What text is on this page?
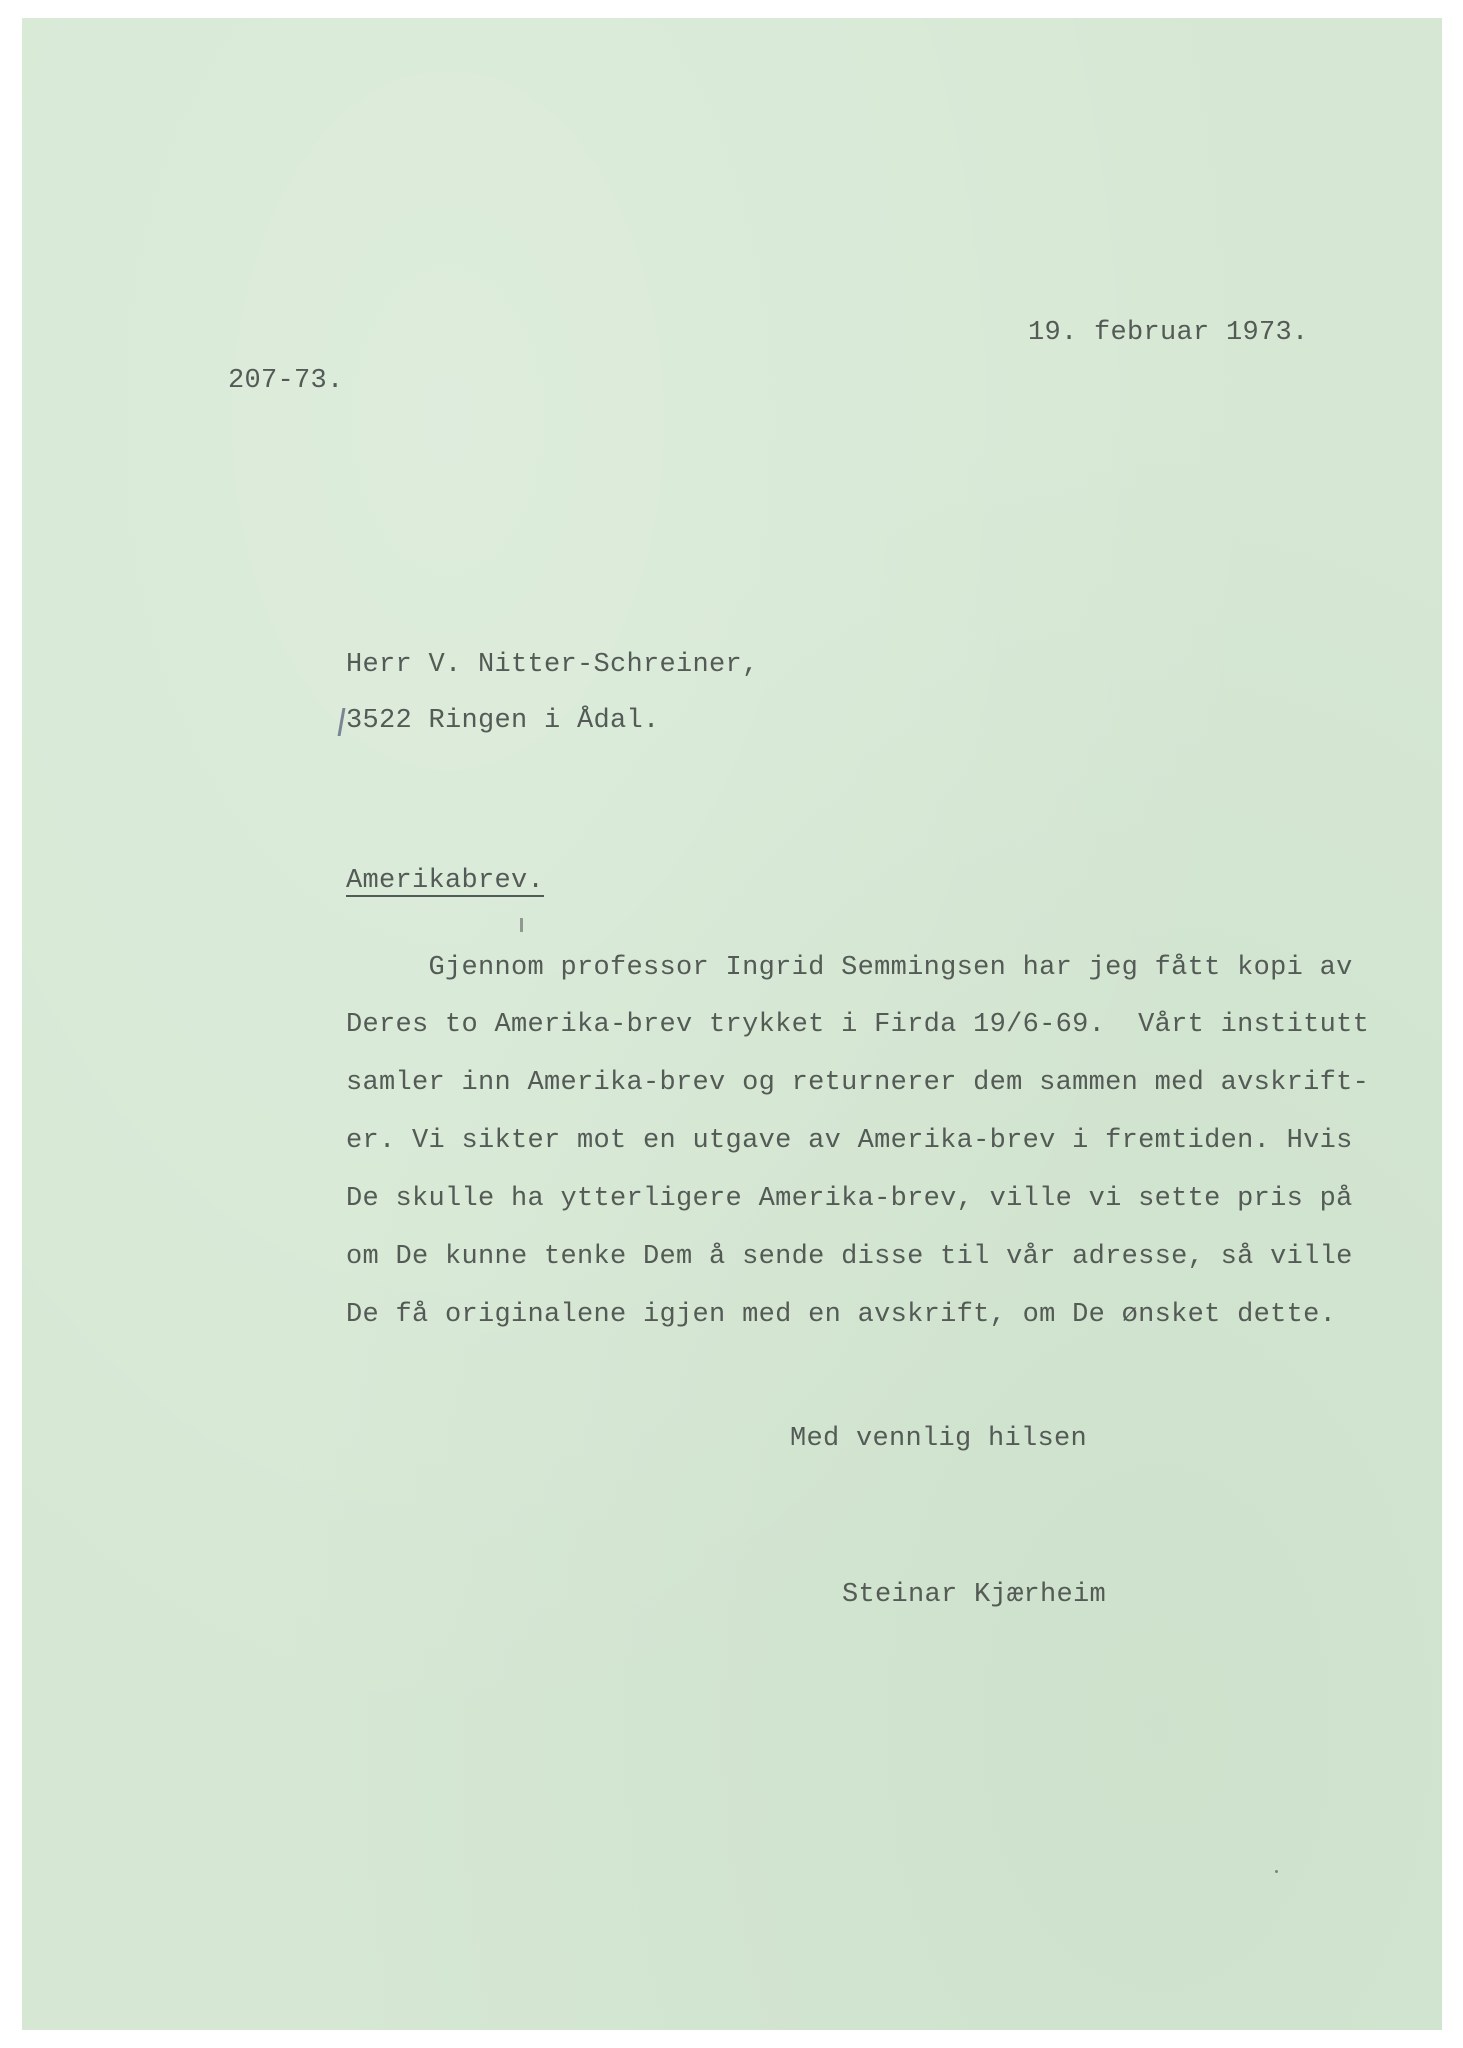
19. februar 1973.

207-73.

Herr V. Nitter-Schreiner,

3522 Ringen i Ådal.

Amerikabrev.

Gjennom professor Ingrid Semmingsen har jeg fått kopi av

Deres to Amerika-brev trykket i Firda 19/6-69.  Vårt institutt

samler inn Amerika-brev og returnerer dem sammen med avskrift-

er. Vi sikter mot en utgave av Amerika-brev i fremtiden. Hvis

De skulle ha ytterligere Amerika-brev, ville vi sette pris på

om De kunne tenke Dem å sende disse til vår adresse, så ville

De få originalene igjen med en avskrift, om De ønsket dette.

Med vennlig hilsen

Steinar Kjærheim
